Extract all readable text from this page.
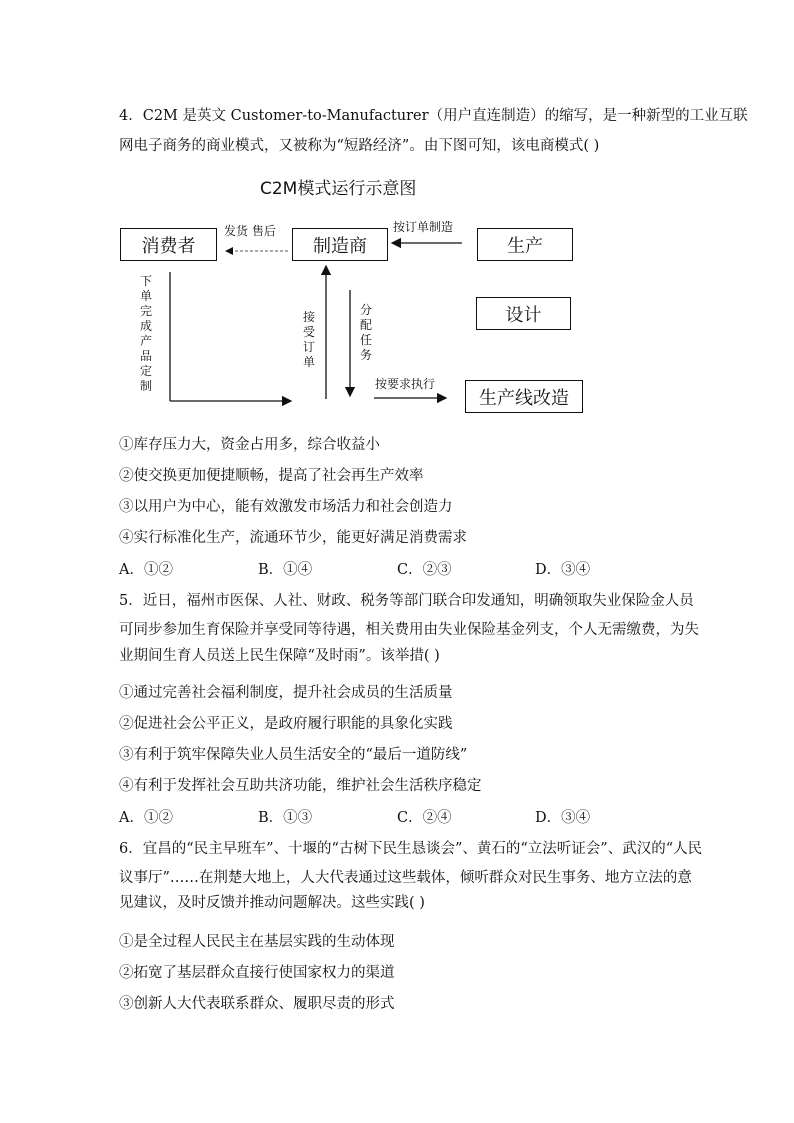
4．C2M 是英文 Customer-to-Manufacturer（用户直连制造）的缩写，是一种新型的工业互联
网电子商务的商业模式，又被称为“短路经济”。由下图可知，该电商模式( )
C2M模式运行示意图
消费者	制造商	生产
设计
生产线改造
发货 售后	按订单制造
下单完成产品定制
接受订单
分配任务
按要求执行
①库存压力大，资金占用多，综合收益小
②使交换更加便捷顺畅，提高了社会再生产效率
③以用户为中心，能有效激发市场活力和社会创造力
④实行标准化生产，流通环节少，能更好满足消费需求
A．①②	B．①④	C．②③	D．③④
5．近日，福州市医保、人社、财政、税务等部门联合印发通知，明确领取失业保险金人员
可同步参加生育保险并享受同等待遇，相关费用由失业保险基金列支，个人无需缴费，为失
业期间生育人员送上民生保障“及时雨”。该举措( )
①通过完善社会福利制度，提升社会成员的生活质量
②促进社会公平正义，是政府履行职能的具象化实践
③有利于筑牢保障失业人员生活安全的“最后一道防线”
④有利于发挥社会互助共济功能，维护社会生活秩序稳定
A．①②	B．①③	C．②④	D．③④
6．宜昌的“民主早班车”、十堰的“古树下民生恳谈会”、黄石的“立法听证会”、武汉的“人民
议事厅”……在荆楚大地上，人大代表通过这些载体，倾听群众对民生事务、地方立法的意
见建议，及时反馈并推动问题解决。这些实践( )
①是全过程人民民主在基层实践的生动体现
②拓宽了基层群众直接行使国家权力的渠道
③创新人大代表联系群众、履职尽责的形式
